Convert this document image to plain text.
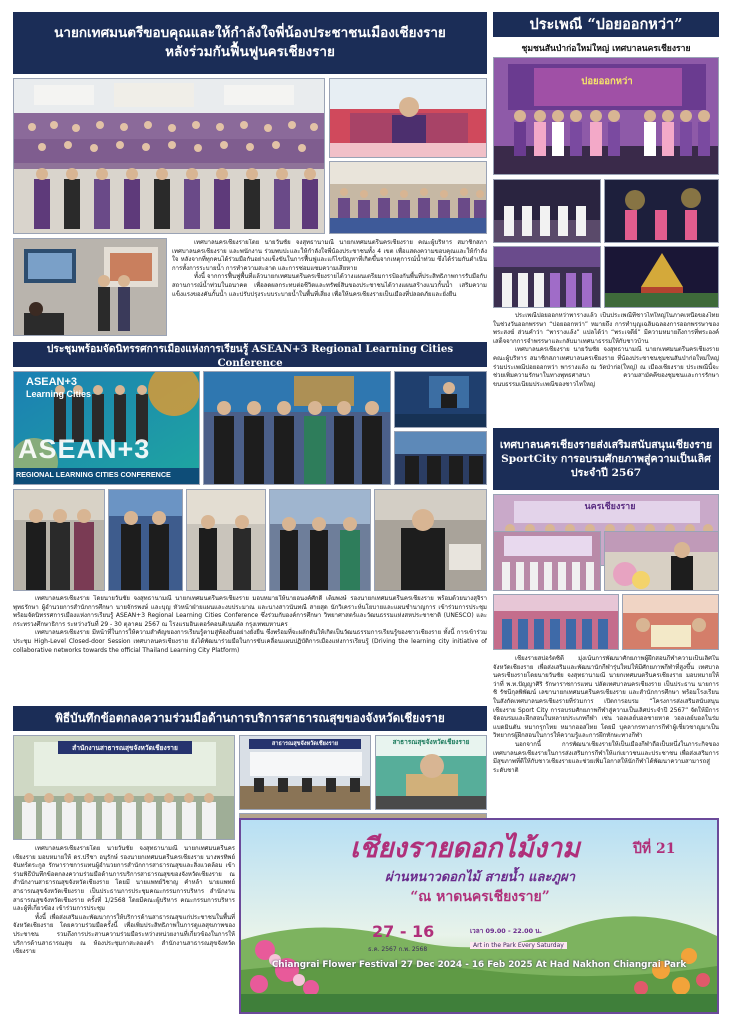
นายกเทศมนตรีขอบคุณและให้กำลังใจพี่น้องประชาชนเมืองเชียงราย
หลังร่วมกันฟื้นฟูนครเชียงราย

เทศบาลนครเชียงรายโดย นายวันชัย จงสุทธานามณี นายกเทศมนตรีนครเชียงราย คณะผู้บริหาร สมาชิกสภาเทศบาลนครเชียงราย และพนักงาน ร่วมพบปะและให้กำลังใจพี่น้องประชาชนทั้ง 4 เขต เพื่อแสดงความขอบคุณและให้กำลังใจ หลังจากที่ทุกคนได้ร่วมมือกันอย่างแข็งขันในการฟื้นฟูและแก้ไขปัญหาที่เกิดขึ้นจากเหตุการณ์น้ำท่วม ซึ่งได้ร่วมกันดำเนินการทั้งการระบายน้ำ การทำความสะอาด และการซ่อมแซมความเสียหาย

ทั้งนี้ จากการฟื้นฟูพื้นที่แล้วนายกเทศมนตรีนครเชียงรายได้วางแผนเตรียมการป้องกันพื้นที่ประสิทธิภาพการรับมือกับสถานการณ์น้ำท่วมในอนาคต เพื่อลดผลกระทบต่อชีวิตและทรัพย์สินของประชาชนได้วางแผนสร้างแนวกั้นน้ำ เสริมความแข็งแรงของคันกั้นน้ำ และปรับปรุงระบบระบายน้ำในพื้นที่เสี่ยง เพื่อให้นครเชียงรายเป็นเมืองที่ปลอดภัยและยั่งยืน

ประชุมพร้อมจัดนิทรรศการเมืองแห่งการเรียนรู้ ASEAN+3 Regional Learning Cities Conference
ASEAN+3
Learning Cities
ASEAN+3
REGIONAL LEARNING CITIES CONFERENCE

เทศบาลนครเชียงราย โดยนายวันชัย จงสุทธานามณี นายกเทศมนตรีนครเชียงราย มอบหมายให้นายอนงค์ศักดิ์ เต็มพงษ์ รองนายกเทศมนตรีนครเชียงราย พร้อมด้วยนางสุจิรา พุทธรักษา ผู้อำนวยการสำนักการศึกษา นายจักรพงษ์ และบุญ หัวหน้าฝ่ายแผนและงบประมาณ และนางสาวนันทณี สายสุด นักวิเคราะห์นโยบายและแผนชำนาญการ เข้าร่วมการประชุมพร้อมจัดนิทรรศการเมืองแห่งการเรียนรู้ ASEAN+3 Regional Learning Cities Conference ซึ่งร่วมกับองค์การศึกษา วิทยาศาสตร์และวัฒนธรรมแห่งสหประชาชาติ (UNESCO) และกระทรวงศึกษาธิการ ระหว่างวันที่ 29 - 30 ตุลาคม 2567 ณ โรงแรมอินเตอร์คอนติเนนตัล กรุงเทพมหานคร

เทศบาลนครเชียงราย มีหน้าที่ในการให้ความสำคัญของการเรียนรู้ตามสู่ท้องถิ่นอย่างยั่งยืน ซึ่งพร้อมที่จะผลักดันให้เกิดเป็นวัฒนธรรมการเรียนรู้ของชาวเชียงราย ทั้งนี้ การเข้าร่วมประชุม High-Level Closed-door Session เทศบาลนครเชียงราย ยังได้พัฒนาร่วมมือในการขับเคลื่อนแผนปฏิบัติการเมืองแห่งการเรียนรู้ (Driving the learning city initiative of collaborative networks towards the official Thailand Learning City Platform)

พิธีบันทึกข้อตกลงความร่วมมือด้านการบริการสาธารณสุขของจังหวัดเชียงราย
สำนักงานสาธารณสุขจังหวัดเชียงราย	สาธารณสุขจังหวัดเชียงราย	สาธารณสุขจังหวัดเชียงราย

เทศบาลนครเชียงรายโดย นายวันชัย จงสุทธานามณี นายกเทศมนตรีนครเชียงราย มอบหมายให้ ดร.ปรีชา อนุรักษ์ รองนายกเทศมนตรีนครเชียงราย นางพรทิพย์ จันทร์ตระกูล รักษาราชการแทนผู้อำนวยการสำนักการสาธารณสุขและสิ่งแวดล้อม เข้าร่วมพิธีบันทึกข้อตกลงความร่วมมือด้านการบริการสาธารณสุขของจังหวัดเชียงราย ณ สำนักงานสาธารณสุขจังหวัดเชียงราย โดยมี นายแพทย์วิชาญ คำหล้า นายแพทย์สาธารณสุขจังหวัดเชียงราย เป็นประธานการประชุมคณะกรรมการบริหาร สำนักงานสาธารณสุขจังหวัดเชียงราย ครั้งที่ 1/2568 โดยมีคณะผู้บริหาร คณะกรรมการบริหาร และผู้ที่เกี่ยวข้อง เข้าร่วมการประชุม

ทั้งนี้ เพื่อส่งเสริมและพัฒนาการให้บริการด้านสาธารณสุขแก่ประชาชนในพื้นที่จังหวัดเชียงราย โดยความร่วมมือครั้งนี้ เพื่อเพิ่มประสิทธิภาพในการดูแลสุขภาพของประชาชน รวมถึงการประสานความร่วมมือระหว่างหน่วยงานที่เกี่ยวข้องในการให้บริการด้านสาธารณสุข ณ ห้องประชุมกาสะลองคำ สำนักงานสาธารณสุขจังหวัดเชียงราย

ประเพณี “ปอยออกหว่า”
ชุมชนสันป่าก่อใหม่ใหญ่ เทศบาลนครเชียงราย
ปอยออกหว่า

ประเพณีปอยออกหว่าพารางแล้ว เป็นประเพณีที่ชาวไทใหญ่ในภาคเหนือของไทยในช่วงวันออกพรรษา “ปอยออกหว่า” หมายถึง การทำบุญเฉลิมฉลองการออกพรรษาของพระสงฆ์ ส่วนคำว่า “พารางแล้ง” แปลได้ว่า “พระเจดีย์” มีความหมายถึงการที่พระองค์เสด็จจากการจำพรรษาและกลับมาเทศนาธรรมให้กับชาวบ้าน

เทศบาลนครเชียงราย นายวันชัย จงสุทธานามณี นายกเทศมนตรีนครเชียงราย คณะผู้บริหาร สมาชิกสภาเทศบาลนครเชียงราย ที่น้องประชาชนชุมชนสันป่าก่อใหม่ใหญ่ ร่วมประเพณีปอยออกหว่า พารางแล้ง ณ วัดป่าก่อ(ใหญ่) ณ เมืองเชียงราย ประเพณีนี้จะช่วยเพิ่มความรักษาในทางพุทธศาสนา ความสามัคคีของชุมชนและการรักษาขนบธรรมเนียมประเพณีของชาวไทใหญ่

เทศบาลนครเชียงรายส่งเสริมสนับสนุนเชียงราย SportCity การอบรมศักยภาพสู่ความเป็นเลิศ ประจำปี 2567
นครเชียงราย

เชียงรายสปอร์ตซิตี้ มุ่งเน้นการพัฒนาศักยภาพผู้ฝึกสอนกีฬาความเป็นเลิศในจังหวัดเชียงราย เพื่อส่งเสริมและพัฒนานักกีฬารุ่นใหม่ให้มีศักยภาพกีฬาที่สูงขึ้น เทศบาลนครเชียงรายโดยนายวันชัย จงสุทธานามณี นายกเทศมนตรีนครเชียงราย มอบหมายให้ ว่าที่ พ.ท.ปัญญาศิริ รักษาราชการแทน ปลัดเทศบาลนครเชียงราย เป็นประธาน นายการชิ รัชนีกุลพิพัฒน์ เลขานายกเทศมนตรีนครเชียงราย และสำนักการศึกษา พร้อมโรงเรียนในสังกัดเทศบาลนครเชียงรายที่ร่วมการ เปิดการอบรม “โครงการส่งเสริมสนับสนุนเชียงราย Sport City การอบรมศักยภาพกีฬาสู่ความเป็นเลิศประจำปี 2567” จัดให้มีการจัดอบรมและฝึกสอนในหลายประเภทกีฬา เช่น วอลเลย์บอลชายหาด วอลเลย์บอลในร่ม แบดมินตัน หมากรุกไทย หมากฮอสไทย โดยมี บุคลากรทางการกีฬาผู้เชี่ยวชาญมาเป็นวิทยากรผู้ฝึกสอนในการให้ความรู้และการฝึกทักษะทางกีฬา

นอกจากนี้ การพัฒนาเชียงรายให้เป็นเมืองกีฬาถือเป็นหนึ่งในภาระกิจของเทศบาลนครเชียงรายในการส่งเสริมการกีฬาให้แก่เยาวชนและประชาชน เพื่อส่งเสริมการมีสุขภาพที่ดีให้กับชาวเชียงรายและช่วยเพิ่มโอกาสให้นักกีฬาได้พัฒนาความสามารถสู่ระดับชาติ

เชียงรายดอกไม้งาม	ปีที่ 21
ผ่านหนาวดอกไม้ สายน้ำ และภูผา
“ณ หาดนครเชียงราย”
27 - 16
ธ.ค. 2567 ก.พ. 2568
เวลา 09.00 - 22.00 น.
Art in the Park Every Saturday
Chiangrai Flower Festival 27 Dec 2024 - 16 Feb 2025 At Had Nakhon Chiangrai Park
